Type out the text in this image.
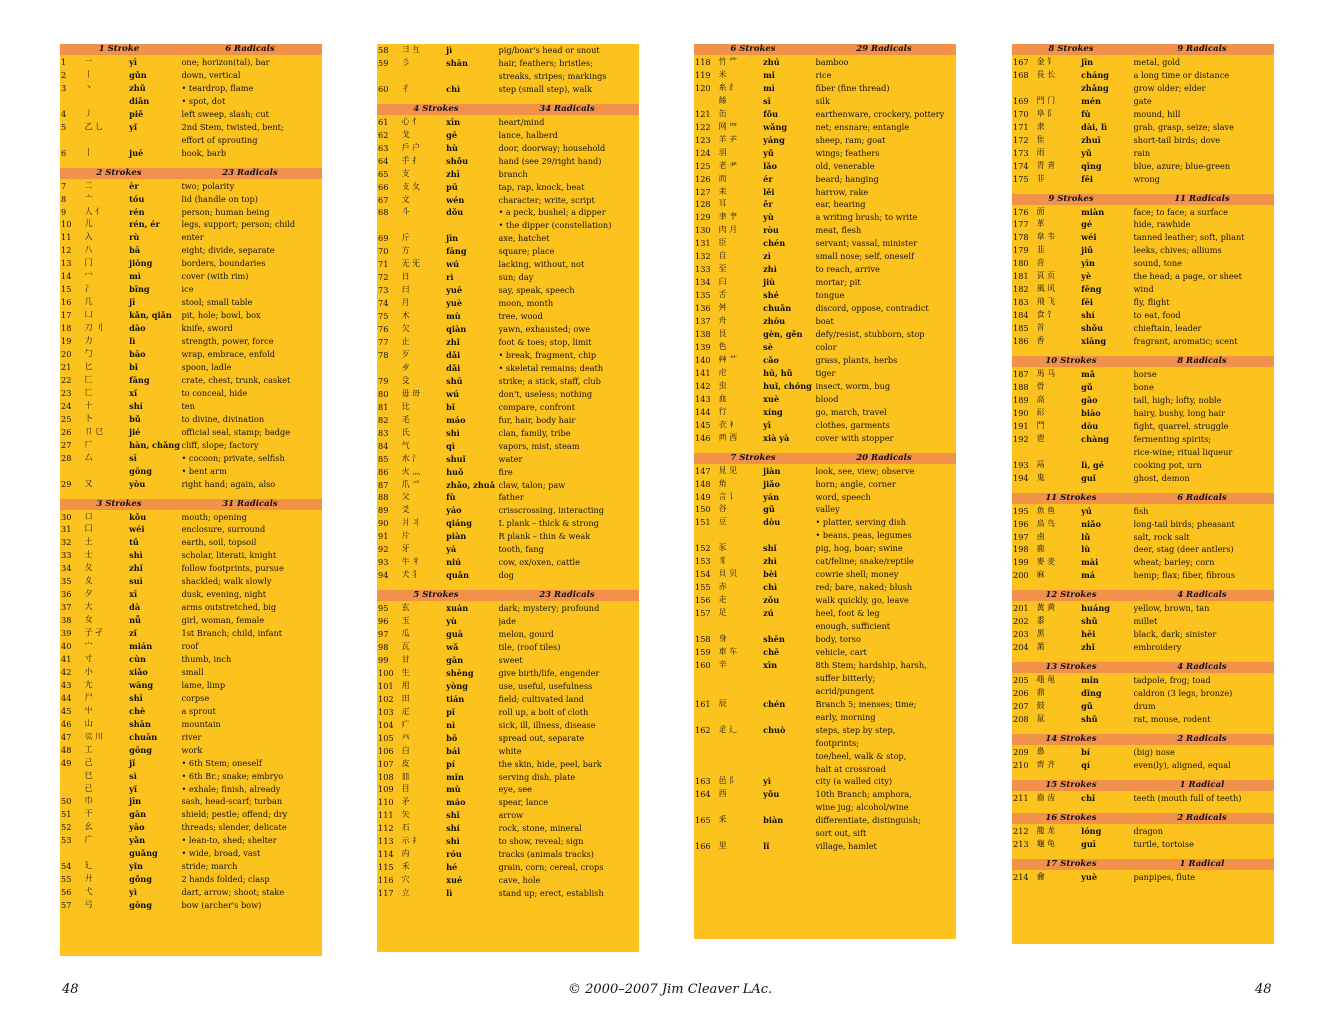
1 Stroke	6 Radicals
1	一	yī	one; horizon(tal), bar
2	丨	gǔn	down, vertical
3	丶	zhǔ	• teardrop, flame
diǎn	• spot, dot
4	丿	piě	left sweep, slash; cut
5	乙 乚	yǐ	2nd Stem, twisted, bent;
effort of sprouting
6	亅	jué	hook, barb
2 Strokes	23 Radicals
7	二	èr	two; polarity
8	亠	tóu	lid (handle on top)
9	人 亻	rén	person; human being
10	儿	rén, ér	legs, support; person; child
11	入	rù	enter
12	八	bā	eight; divide, separate
13	冂	jiōng	borders, boundaries
14	冖	mì	cover (with rim)
15	冫	bīng	ice
16	几	jī	stool; small table
17	凵	kǎn, qiǎn	pit, hole; bowl, box
18	刀 刂	dāo	knife, sword
19	力	lì	strength, power, force
20	勹	bāo	wrap, embrace, enfold
21	匕	bǐ	spoon, ladle
22	匚	fāng	crate, chest, trunk, casket
23	匸	xǐ	to conceal, hide
24	十	shí	ten
25	卜	bǔ	to divine, divination
26	卩 㔾	jié	official seal, stamp; badge
27	厂	hàn, chǎng cliff, slope; factory
28	厶	sī	• cocoon; private, selfish
gōng	• bent arm
29	又	yòu	right hand; again, also
3 Strokes	31 Radicals
30	口	kǒu	mouth; opening
31	囗	wéi	enclosure, surround
32	土	tǔ	earth, soil, topsoil
33	士	shì	scholar, literati, knight
34	夂	zhǐ	follow footprints, pursue
35	夊	suī	shackled; walk slowly
36	夕	xī	dusk, evening, night
37	大	dà	arms outstretched, big
38	女	nǚ	girl, woman, female
39	子 孑	zǐ	1st Branch; child, infant
40	宀	mián	roof
41	寸	cùn	thumb, inch
42	小	xiǎo	small
43	尢	wāng	lame, limp
44	尸	shī	corpse
45	屮	chè	a sprout
46	山	shān	mountain
47	巛 川	chuān	river
48	工	gōng	work
49	己	jǐ	• 6th Stem; oneself
巳	sì	• 6th Br.; snake; embryo
已	yǐ	• exhale; finish, already
50	巾	jīn	sash, head-scarf; turban
51	干	gān	shield; pestle; offend; dry
52	幺	yāo	threads; slender, delicate
53	广	yǎn	• lean-to, shed; shelter
guǎng	• wide, broad, vast
54	廴	yǐn	stride; march
55	廾	gǒng	2 hands folded; clasp
56	弋	yì	dart, arrow; shoot; stake
57	弓	gōng	bow (archer's bow)
58	彐 彑	jì	pig/boar's head or snout
59	彡	shān	hair, feathers; bristles;
streaks, stripes; markings
60	彳	chì	step (small step), walk
4 Strokes	34 Radicals
61	心 忄	xīn	heart/mind
62	戈	gē	lance, halberd
63	戶 户	hù	door, doorway; household
64	手 扌	shǒu	hand (see 29/right hand)
65	支	zhī	branch
66	攴 攵	pū	tap, rap, knock, beat
67	文	wén	character; write, script
68	斗	dǒu	• a peck, bushel; a dipper
• the dipper (constellation)
69	斤	jīn	axe, hatchet
70	方	fāng	square; place
71	无 旡	wú	lacking, without, not
72	日	rì	sun; day
73	曰	yuē	say, speak, speech
74	月	yuè	moon, month
75	木	mù	tree, wood
76	欠	qiàn	yawn, exhausted; owe
77	止	zhǐ	foot & toes; stop, limit
78	歹	dǎi	• break, fragment, chip
歺	dǎi	• skeletal remains; death
79	殳	shū	strike; a stick, staff, club
80	毋 毌	wú	don't, useless; nothing
81	比	bǐ	compare, confront
82	毛	máo	fur, hair, body hair
83	氏	shì	clan, family, tribe
84	气	qì	vapors, mist, steam
85	水 氵	shuǐ	water
86	火 灬	huǒ	fire
87	爪 爫	zhǎo, zhuǎ claw, talon; paw
88	父	fù	father
89	爻	yáo	crisscrossing, interacting
90	爿 丬	qiáng	L plank – thick & strong
91	片	piàn	R plank – thin & weak
92	牙	yá	tooth, fang
93	牛 牜	niú	cow, ox/oxen, cattle
94	犬 犭	quǎn	dog
5 Strokes	23 Radicals
95	玄	xuán	dark; mystery; profound
96	玉	yù	jade
97	瓜	guā	melon, gourd
98	瓦	wǎ	tile, (roof tiles)
99	甘	gān	sweet
100 生	shēng	give birth/life, engender
101 用	yòng	use, useful, usefulness
102 田	tián	field; cultivated land
103 疋	pǐ	roll up, a bolt of cloth
104 疒	nì	sick, ill, illness, disease
105 癶	bō	spread out, separate
106 白	bái	white
107 皮	pí	the skin, hide, peel, bark
108 皿	mǐn	serving dish, plate
109 目	mù	eye, see
110 矛	máo	spear, lance
111 矢	shǐ	arrow
112 石	shí	rock, stone, mineral
113 示 礻	shì	to show, reveal; sign
114 禸	róu	tracks (animals tracks)
115 禾	hé	grain, corn; cereal, crops
116 穴	xué	cave, hole
117 立	lì	stand up; erect, establish
6 Strokes	29 Radicals
118 竹 ⺮	zhú	bamboo
119 米	mǐ	rice
120 糸 纟	mì	fiber (fine thread)
絲	sī	silk
121 缶	fǒu	earthenware, crockery, pottery
122 网 罒	wǎng	net; ensnare; entangle
123 羊 ⺶	yáng	sheep, ram; goat
124 羽	yǔ	wings; feathers
125 老 耂	lǎo	old, venerable
126 而	ér	beard; hanging
127 耒	lěi	harrow, rake
128 耳	ěr	ear, hearing
129 聿 肀	yù	a writing brush; to write
130 肉 月	ròu	meat, flesh
131 臣	chén	servant; vassal, minister
132 自	zì	small nose; self, oneself
133 至	zhì	to reach, arrive
134 臼	jiù	mortar; pit
135 舌	shé	tongue
136 舛	chuǎn	discord, oppose, contradict
137 舟	zhōu	boat
138 艮	gèn, gěn	defy/resist, stubborn, stop
139 色	sè	color
140 艸 艹	cǎo	grass, plants, herbs
141 虍	hū, hǔ	tiger
142 虫	huǐ, chóng insect, worm, bug
143 血	xuè	blood
144 行	xíng	go, march, travel
145 衣 衤	yī	clothes, garments
146 襾 西	xià yà	cover with stopper
7 Strokes	20 Radicals
147 見 见	jiàn	look, see, view; observe
148 角	jiǎo	horn; angle, corner
149 言 讠	yán	word, speech
150 谷	gǔ	valley
151 豆	dòu	• platter, serving dish
• beans, peas, legumes
152 豕	shǐ	pig, hog, boar; swine
153 豸	zhì	cat/feline; snake/reptile
154 貝 贝	bèi	cowrie shell; money
155 赤	chì	red; bare, naked; blush
156 走	zǒu	walk quickly, go, leave
157 足	zú	heel, foot & leg
enough, sufficient
158 身	shēn	body, torso
159 車 车	chē	vehicle, cart
160 辛	xīn	8th Stem; hardship, harsh,
suffer bitterly;
acrid/pungent
161 辰	chén	Branch 5; menses; time;
early, morning
162 辵 辶	chuò	steps, step by step,
footprints;
toe/heel, walk & stop,
halt at crossroad
163 邑 阝	yì	city (a walled city)
164 酉	yǒu	10th Branch; amphora,
wine jug; alcohol/wine
165 釆	biàn	differentiate, distinguish;
sort out, sift
166 里	lǐ	village, hamlet
8 Strokes	9 Radicals
167 金 钅	jīn	metal, gold
168 長 长	cháng	a long time or distance
zhǎng	grow older; elder
169 門 门	mén	gate
170 阜 阝	fù	mound, hill
171 隶	dài, lì	grab, grasp, seize; slave
172 隹	zhuī	short-tail birds; dove
173 雨	yǔ	rain
174 青 靑	qīng	blue, azure; blue-green
175 非	fēi	wrong
9 Strokes	11 Radicals
176 面	miàn	face; to face; a surface
177 革	gé	hide, rawhide
178 韋 韦	wéi	tanned leather; soft, pliant
179 韭	jiǔ	leeks, chives; alliums
180 音	yīn	sound, tone
181 頁 页	yè	the head; a page, or sheet
182 風 风	fēng	wind
183 飛 飞	fēi	fly, flight
184 食 饣	shí	to eat, food
185 首	shǒu	chieftain, leader
186 香	xiāng	fragrant, aromatic; scent
10 Strokes	8 Radicals
187 馬 马	mǎ	horse
188 骨	gǔ	bone
189 高	gāo	tall, high; lofty, noble
190 髟	biāo	hairy, bushy, long hair
191 鬥	dòu	fight, quarrel, struggle
192 鬯	chàng	fermenting spirits;
rice-wine; ritual liqueur
193 鬲	lì, gé	cooking pot, urn
194 鬼	guǐ	ghost, demon
11 Strokes	6 Radicals
195 魚 鱼	yú	fish
196 鳥 鸟	niǎo	long-tail birds; pheasant
197 鹵	lǔ	salt, rock salt
198 鹿	lù	deer, stag (deer antlers)
199 麥 麦	mài	wheat; barley; corn
200 麻	má	hemp; flax; fiber, fibrous
12 Strokes	4 Radicals
201 黃 黄	huáng	yellow, brown, tan
202 黍	shǔ	millet
203 黑	hēi	black, dark; sinister
204 黹	zhǐ	embroidery
13 Strokes	4 Radicals
205 黽 黾	mǐn	tadpole, frog; toad
206 鼎	dǐng	caldron (3 legs, bronze)
207 鼓	gǔ	drum
208 鼠	shǔ	rat, mouse, rodent
14 Strokes	2 Radicals
209 鼻	bí	(big) nose
210 齊 齐	qí	even(ly), aligned, equal
15 Strokes	1 Radical
211 齒 齿	chǐ	teeth (mouth full of teeth)
16 Strokes	2 Radicals
212 龍 龙	lóng	dragon
213 龜 龟	guī	turtle, tortoise
17 Strokes	1 Radical
214 龠	yuè	panpipes, flute
48	© 2000–2007 Jim Cleaver LAc.	48
